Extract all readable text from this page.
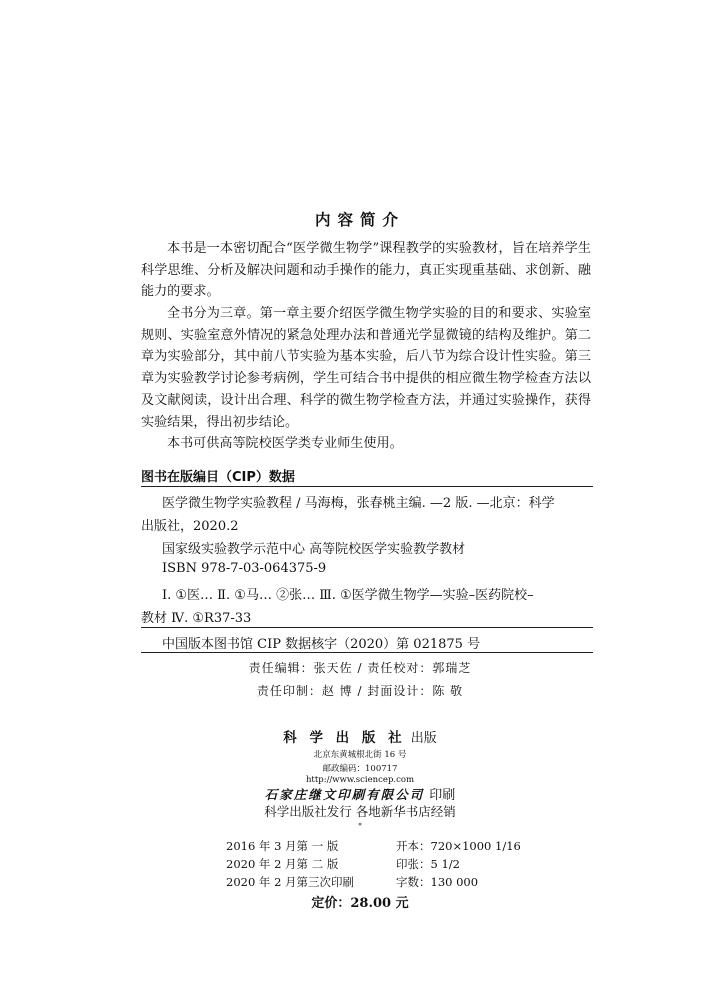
内容简介

本书是一本密切配合“医学微生物学”课程教学的实验教材，旨在培养学生科学思维、分析及解决问题和动手操作的能力，真正实现重基础、求创新、融能力的要求。

全书分为三章。第一章主要介绍医学微生物学实验的目的和要求、实验室规则、实验室意外情况的紧急处理办法和普通光学显微镜的结构及维护。第二章为实验部分，其中前八节实验为基本实验，后八节为综合设计性实验。第三章为实验教学讨论参考病例，学生可结合书中提供的相应微生物学检查方法以及文献阅读，设计出合理、科学的微生物学检查方法，并通过实验操作，获得实验结果，得出初步结论。

本书可供高等院校医学类专业师生使用。

图书在版编目（CIP）数据
医学微生物学实验教程 / 马海梅，张春桃主编. —2 版. —北京：科学
出版社，2020.2
国家级实验教学示范中心 高等院校医学实验教学教材
ISBN 978-7-03-064375-9
Ⅰ. ①医… Ⅱ. ①马… ②张… Ⅲ. ①医学微生物学—实验–医药院校–
教材 Ⅳ. ①R37-33
中国版本图书馆 CIP 数据核字（2020）第 021875 号
责任编辑：张天佐 / 责任校对：郭瑞芝
责任印制：赵 博 / 封面设计：陈 敬
科 学 出 版 社 出版
北京东黄城根北街 16 号
邮政编码：100717
http://www.sciencep.com
石家庄继文印刷有限公司 印刷
科学出版社发行 各地新华书店经销
*
2016 年 3 月第 一 版	开本：720×1000 1/16
2020 年 2 月第 二 版	印张：5 1/2
2020 年 2 月第三次印刷	字数：130 000
定价：28.00 元
